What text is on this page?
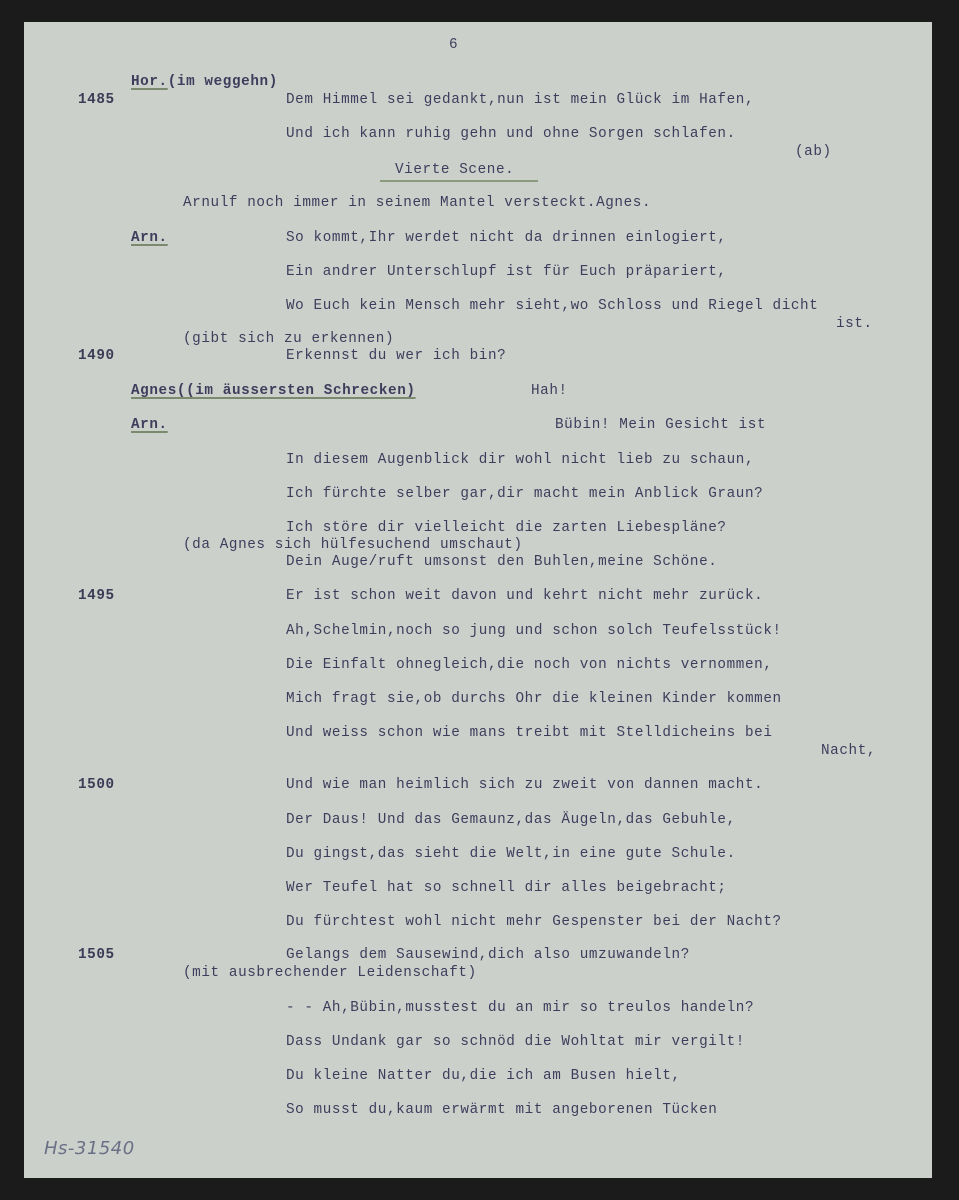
6
Hor.(im weggehn)
1485	Dem Himmel sei gedankt,nun ist mein Glück im Hafen,
Und ich kann ruhig gehn und ohne Sorgen schlafen.
(ab)
Vierte Scene.
Arnulf noch immer in seinem Mantel versteckt.Agnes.
Arn.	So kommt,Ihr werdet nicht da drinnen einlogiert,
Ein andrer Unterschlupf ist für Euch präpariert,
Wo Euch kein Mensch mehr sieht,wo Schloss und Riegel dicht
ist.
(gibt sich zu erkennen)
1490	Erkennst du wer ich bin?
Agnes((im äussersten Schrecken)	Hah!
Arn.	Bübin! Mein Gesicht ist
In diesem Augenblick dir wohl nicht lieb zu schaun,
Ich fürchte selber gar,dir macht mein Anblick Graun?
Ich störe dir vielleicht die zarten Liebespläne?
(da Agnes sich hülfesuchend umschaut)
Dein Auge/ruft umsonst den Buhlen,meine Schöne.
1495	Er ist schon weit davon und kehrt nicht mehr zurück.
Ah,Schelmin,noch so jung und schon solch Teufelsstück!
Die Einfalt ohnegleich,die noch von nichts vernommen,
Mich fragt sie,ob durchs Ohr die kleinen Kinder kommen
Und weiss schon wie mans treibt mit Stelldicheins bei
Nacht,
1500	Und wie man heimlich sich zu zweit von dannen macht.
Der Daus! Und das Gemaunz,das Äugeln,das Gebuhle,
Du gingst,das sieht die Welt,in eine gute Schule.
Wer Teufel hat so schnell dir alles beigebracht;
Du fürchtest wohl nicht mehr Gespenster bei der Nacht?
1505	Gelangs dem Sausewind,dich also umzuwandeln?
(mit ausbrechender Leidenschaft)
- - Ah,Bübin,musstest du an mir so treulos handeln?
Dass Undank gar so schnöd die Wohltat mir vergilt!
Du kleine Natter du,die ich am Busen hielt,
So musst du,kaum erwärmt mit angeborenen Tücken
Hs-31540
